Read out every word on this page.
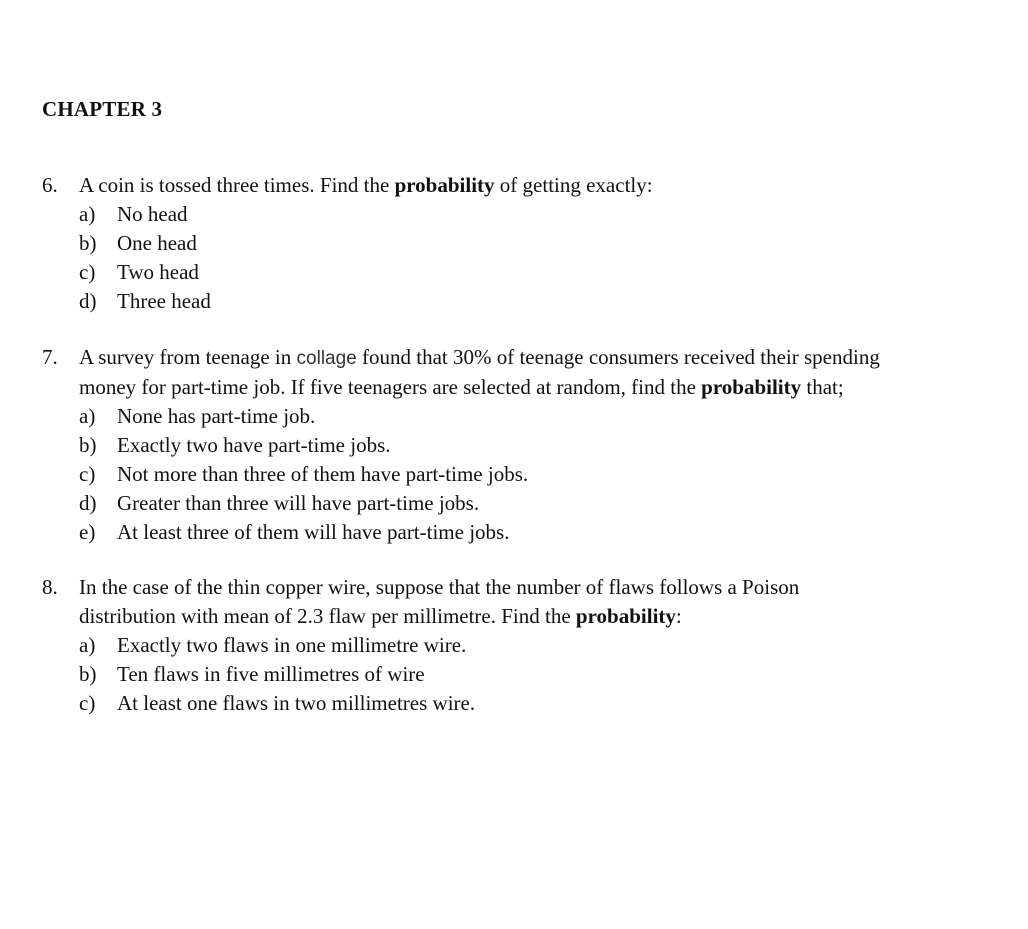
CHAPTER 3
6.	A coin is tossed three times. Find the probability of getting exactly:
a)	No head
b) One head
c)	Two head
d) Three head
7.	A survey from teenage in collage found that 30% of teenage consumers received their spending
money for part-time job. If five teenagers are selected at random, find the probability that;
a)	None has part-time job.
b) Exactly two have part-time jobs.
c)	Not more than three of them have part-time jobs.
d) Greater than three will have part-time jobs.
e)	At least three of them will have part-time jobs.
8.	In the case of the thin copper wire, suppose that the number of flaws follows a Poison
distribution with mean of 2.3 flaw per millimetre. Find the probability:
a)	Exactly two flaws in one millimetre wire.
b) Ten flaws in five millimetres of wire
c)	At least one flaws in two millimetres wire.
